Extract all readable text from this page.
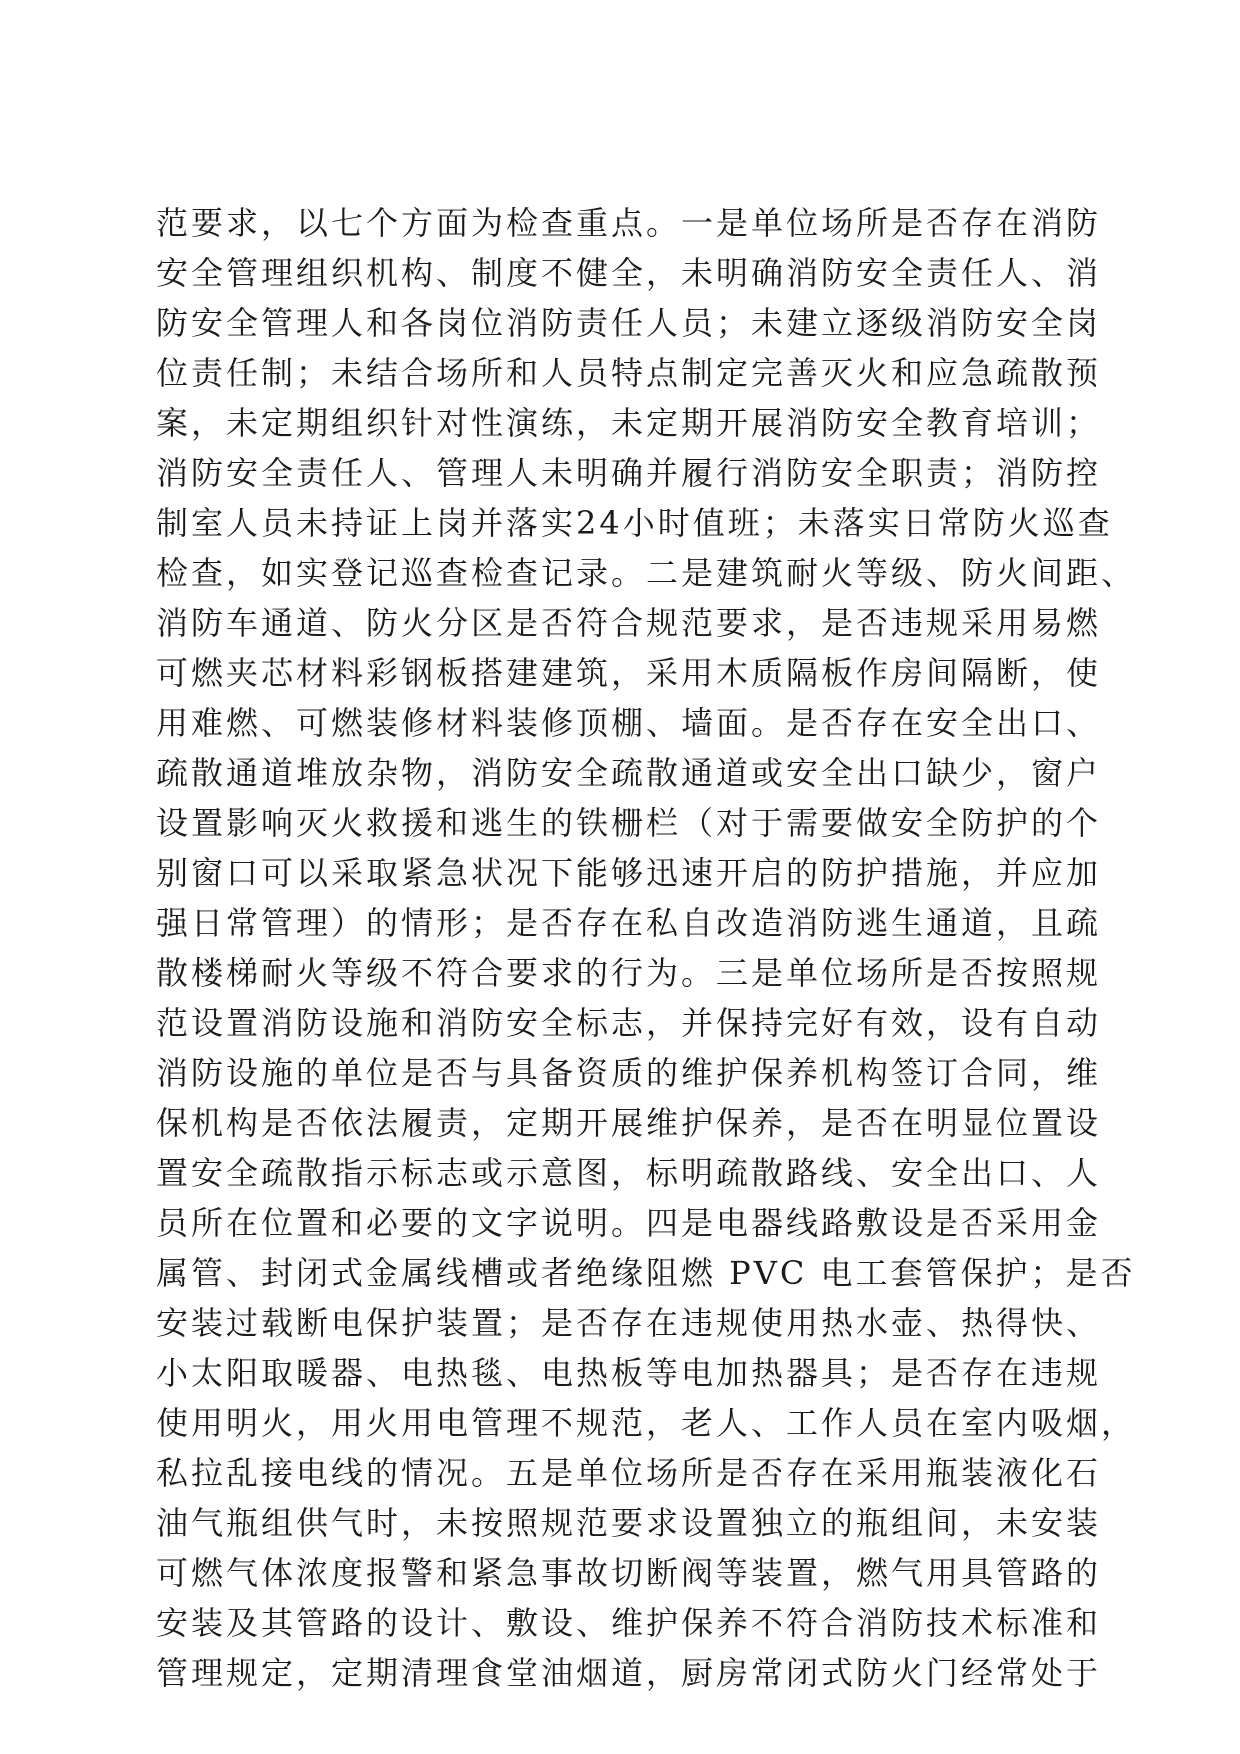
范要求，以七个方面为检查重点。一是单位场所是否存在消防
安全管理组织机构、制度不健全，未明确消防安全责任人、消
防安全管理人和各岗位消防责任人员；未建立逐级消防安全岗
位责任制；未结合场所和人员特点制定完善灭火和应急疏散预
案，未定期组织针对性演练，未定期开展消防安全教育培训；
消防安全责任人、管理人未明确并履行消防安全职责；消防控
制室人员未持证上岗并落实24小时值班；未落实日常防火巡查
检查，如实登记巡查检查记录。二是建筑耐火等级、防火间距、
消防车通道、防火分区是否符合规范要求，是否违规采用易燃
可燃夹芯材料彩钢板搭建建筑，采用木质隔板作房间隔断，使
用难燃、可燃装修材料装修顶棚、墙面。是否存在安全出口、
疏散通道堆放杂物，消防安全疏散通道或安全出口缺少，窗户
设置影响灭火救援和逃生的铁栅栏（对于需要做安全防护的个
别窗口可以采取紧急状况下能够迅速开启的防护措施，并应加
强日常管理）的情形；是否存在私自改造消防逃生通道，且疏
散楼梯耐火等级不符合要求的行为。三是单位场所是否按照规
范设置消防设施和消防安全标志，并保持完好有效，设有自动
消防设施的单位是否与具备资质的维护保养机构签订合同，维
保机构是否依法履责，定期开展维护保养，是否在明显位置设
置安全疏散指示标志或示意图，标明疏散路线、安全出口、人
员所在位置和必要的文字说明。四是电器线路敷设是否采用金
属管、封闭式金属线槽或者绝缘阻燃 PVC 电工套管保护；是否
安装过载断电保护装置；是否存在违规使用热水壶、热得快、
小太阳取暖器、电热毯、电热板等电加热器具；是否存在违规
使用明火，用火用电管理不规范，老人、工作人员在室内吸烟，
私拉乱接电线的情况。五是单位场所是否存在采用瓶装液化石
油气瓶组供气时，未按照规范要求设置独立的瓶组间，未安装
可燃气体浓度报警和紧急事故切断阀等装置，燃气用具管路的
安装及其管路的设计、敷设、维护保养不符合消防技术标准和
管理规定，定期清理食堂油烟道，厨房常闭式防火门经常处于
